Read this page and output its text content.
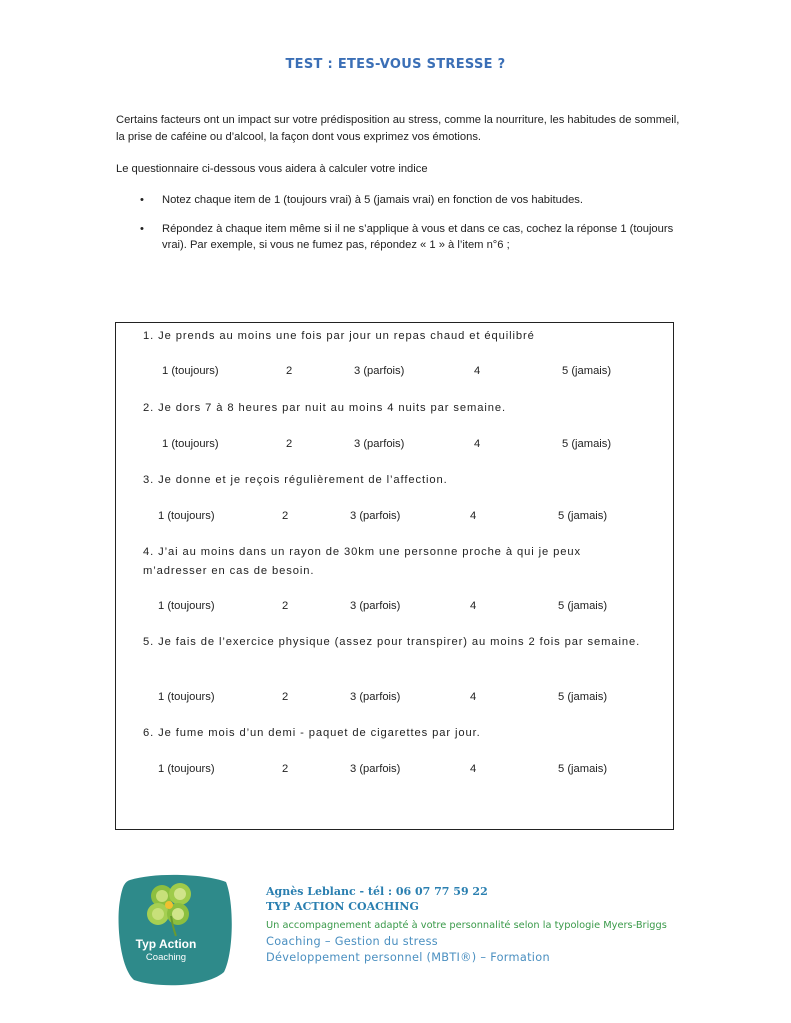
TEST : ETES-VOUS STRESSE ?
Certains facteurs ont un impact sur votre prédisposition au stress, comme la nourriture, les habitudes de sommeil, la prise de caféine ou d’alcool, la façon dont vous exprimez vos émotions.
Le questionnaire ci-dessous vous aidera à calculer votre indice
• Notez chaque item de 1 (toujours vrai) à 5 (jamais vrai) en fonction de vos habitudes.
• Répondez à chaque item même si il ne s’applique à vous et dans ce cas, cochez la réponse 1 (toujours vrai). Par exemple, si vous ne fumez pas, répondez « 1 » à l’item n°6 ;
1. Je prends au moins une fois par jour un repas chaud et équilibré
1 (toujours)	2	3 (parfois)	4	5 (jamais)
2. Je dors 7 à 8 heures par nuit au moins 4 nuits par semaine.
1 (toujours)	2	3 (parfois)	4	5 (jamais)
3. Je donne et je reçois régulièrement de l’affection.
1 (toujours)	2	3 (parfois)	4	5 (jamais)
4. J’ai au moins dans un rayon de 30km une personne proche à qui je peux m’adresser en cas de besoin.
1 (toujours)	2	3 (parfois)	4	5 (jamais)
5. Je fais de l’exercice physique (assez pour transpirer) au moins 2 fois par semaine.
1 (toujours)	2	3 (parfois)	4	5 (jamais)
6. Je fume mois d’un demi - paquet de cigarettes par jour.
1 (toujours)	2	3 (parfois)	4	5 (jamais)
Typ Action
Coaching
Agnès Leblanc - tél : 06 07 77 59 22
TYP ACTION COACHING
Un accompagnement adapté à votre personnalité selon la typologie Myers-Briggs
Coaching – Gestion du stress
Développement personnel (MBTI®) – Formation
